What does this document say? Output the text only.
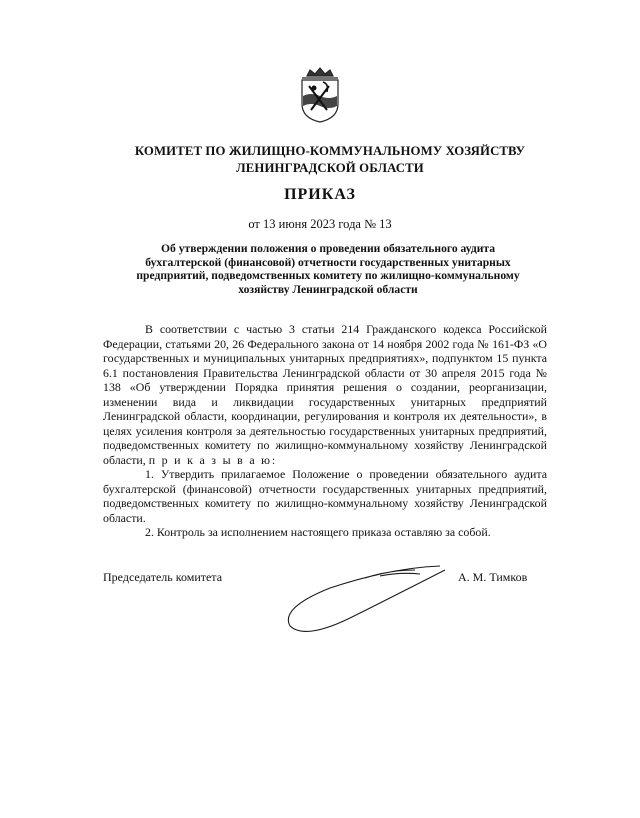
КОМИТЕТ ПО ЖИЛИЩНО-КОММУНАЛЬНОМУ ХОЗЯЙСТВУ
ЛЕНИНГРАДСКОЙ ОБЛАСТИ
ПРИКАЗ
от 13 июня 2023 года № 13
Об утверждении положения о проведении обязательного аудита
бухгалтерской (финансовой) отчетности государственных унитарных
предприятий, подведомственных комитету по жилищно-коммунальному
хозяйству Ленинградской области

В соответствии с частью 3 статьи 214 Гражданского кодекса Российской Федерации, статьями 20, 26 Федерального закона от 14 ноября 2002 года № 161-ФЗ «О государственных и муниципальных унитарных предприятиях», подпунктом 15 пункта 6.1 постановления Правительства Ленинградской области от 30 апреля 2015 года № 138 «Об утверждении Порядка принятия решения о создании, реорганизации, изменении вида и ликвидации государственных унитарных предприятий Ленинградской области, координации, регулирования и контроля их деятельности», в целях усиления контроля за деятельностью государственных унитарных предприятий, подведомственных комитету по жилищно-коммунальному хозяйству Ленинградской области, п р и к а з ы в а ю:

1. Утвердить прилагаемое Положение о проведении обязательного аудита бухгалтерской (финансовой) отчетности государственных унитарных предприятий, подведомственных комитету по жилищно-коммунальному хозяйству Ленинградской области.

2. Контроль за исполнением настоящего приказа оставляю за собой.

Председатель комитета	А. М. Тимков
